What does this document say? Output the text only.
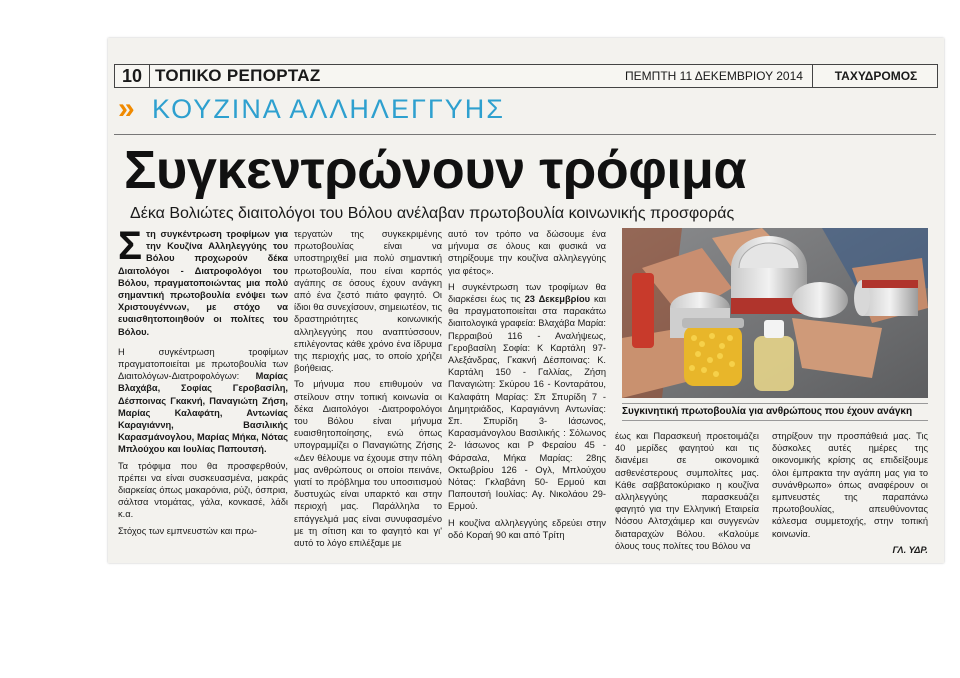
10 ΤΟΠΙΚΟ ΡΕΠΟΡΤΑΖ	ΠΕΜΠΤΗ 11 ΔΕΚΕΜΒΡΙΟΥ 2014	ΤΑΧΥΔΡΟΜΟΣ
» ΚΟΥΖΙΝΑ ΑΛΛΗΛΕΓΓΥΗΣ
Συγκεντρώνουν τρόφιμα
Δέκα Βολιώτες διαιτολόγοι του Βόλου ανέλαβαν πρωτοβουλία κοινωνικής προσφοράς

Στη συγκέντρωση τροφίμων για την Κουζίνα Αλληλεγγύης του Βόλου προχωρούν δέκα Διαιτολόγοι - Διατροφολόγοι του Βόλου, πραγματοποιώντας μια πολύ σημαντική πρωτοβουλία ενόψει των Χριστουγέννων, με στόχο να ευαισθητοποιηθούν οι πολίτες του Βόλου.

Η συγκέντρωση τροφίμων πραγματοποιείται με πρωτοβουλία των Διαιτολόγων-Διατροφολόγων: Μαρίας Βλαχάβα, Σοφίας Γεροβασίλη, Δέσποινας Γκακνή, Παναγιώτη Ζήση, Μαρίας Καλαφάτη, Αντωνίας Καραγιάννη, Βασιλικής Καρασμάνογλου, Μαρίας Μήκα, Νότας Μπλούχου και Ιουλίας Παπουτσή.

Τα τρόφιμα που θα προσφερθούν, πρέπει να είναι συσκευασμένα, μακράς διαρκείας όπως μακαρόνια, ρύζι, όσπρια, σάλτσα ντομάτας, γάλα, κονκασέ, λάδι κ.α.

Στόχος των εμπνευστών και πρω-

τεργατών της συγκεκριμένης πρωτοβουλίας είναι να υποστηριχθεί μια πολύ σημαντική πρωτοβουλία, που είναι καρπός αγάπης σε όσους έχουν ανάγκη από ένα ζεστό πιάτο φαγητό. Οι ίδιοι θα συνεχίσουν, σημειωτέον, τις δραστηριότητες κοινωνικής αλληλεγγύης που αναπτύσσουν, επιλέγοντας κάθε χρόνο ένα ίδρυμα της περιοχής μας, το οποίο χρήζει βοήθειας.

Το μήνυμα που επιθυμούν να στείλουν στην τοπική κοινωνία οι δέκα Διαιτολόγοι -Διατροφολόγοι του Βόλου είναι μήνυμα ευαισθητοποίησης, ενώ όπως υπογραμμίζει ο Παναγιώτης Ζήσης «Δεν θέλουμε να έχουμε στην πόλη μας ανθρώπους οι οποίοι πεινάνε, γιατί το πρόβλημα του υποσιτισμού δυστυχώς είναι υπαρκτό και στην περιοχή μας. Παράλληλα το επάγγελμά μας είναι συνυφασμένο με τη σίτιση και το φαγητό και γι' αυτό το λόγο επιλέξαμε με

αυτό τον τρόπο να δώσουμε ένα μήνυμα σε όλους και φυσικά να στηρίξουμε την κουζίνα αλληλεγγύης για φέτος».

Η συγκέντρωση των τροφίμων θα διαρκέσει έως τις 23 Δεκεμβρίου και θα πραγματοποιείται στα παρακάτω διαιτολογικά γραφεία: Βλαχάβα Μαρία: Περραιβού 116 - Αναλήψεως, Γεροβασίλη Σοφία: Κ Καρτάλη 97- Αλεξάνδρας, Γκακνή Δέσποινας: Κ. Καρτάλη 150 - Γαλλίας, Ζήση Παναγιώτη: Σκύρου 16 - Κονταράτου, Καλαφάτη Μαρίας: Σπ Σπυρίδη 7 - Δημητριάδος, Καραγιάννη Αντωνίας: Σπ. Σπυρίδη 3- Ιάσωνος, Καρασμάνογλου Βασιλικής : Σόλωνος 2- Ιάσωνος και Ρ Φεραίου 45 - Φάρσαλα, Μήκα Μαρίας: 28ης Οκτωβρίου 126 - Ογλ, Μπλούχου Νότας: Γκλαβάνη 50- Ερμού και Παπουτσή Ιουλίας: Αγ. Νικολάου 29- Ερμού.

Η κουζίνα αλληλεγγύης εδρεύει στην οδό Κοραή 90 και από Τρίτη

Συγκινητική πρωτοβουλία για ανθρώπους που έχουν ανάγκη

έως και Παρασκευή προετοιμάζει 40 μερίδες φαγητού και τις διανέμει σε οικονομικά ασθενέστερους συμπολίτες μας. Κάθε σαββατοκύριακο η κουζίνα αλληλεγγύης παρασκευάζει φαγητό για την Ελληνική Εταιρεία Νόσου Αλτσχάιμερ και συγγενών διαταραχών Βόλου. «Καλούμε όλους τους πολίτες του Βόλου να

στηρίξουν την προσπάθειά μας. Τις δύσκολες αυτές ημέρες της οικονομικής κρίσης ας επιδείξουμε όλοι έμπρακτα την αγάπη μας για το συνάνθρωπο» όπως αναφέρουν οι εμπνευστές της παραπάνω πρωτοβουλίας, απευθύνοντας κάλεσμα συμμετοχής, στην τοπική κοινωνία.

ΓΛ. ΥΔΡ.
